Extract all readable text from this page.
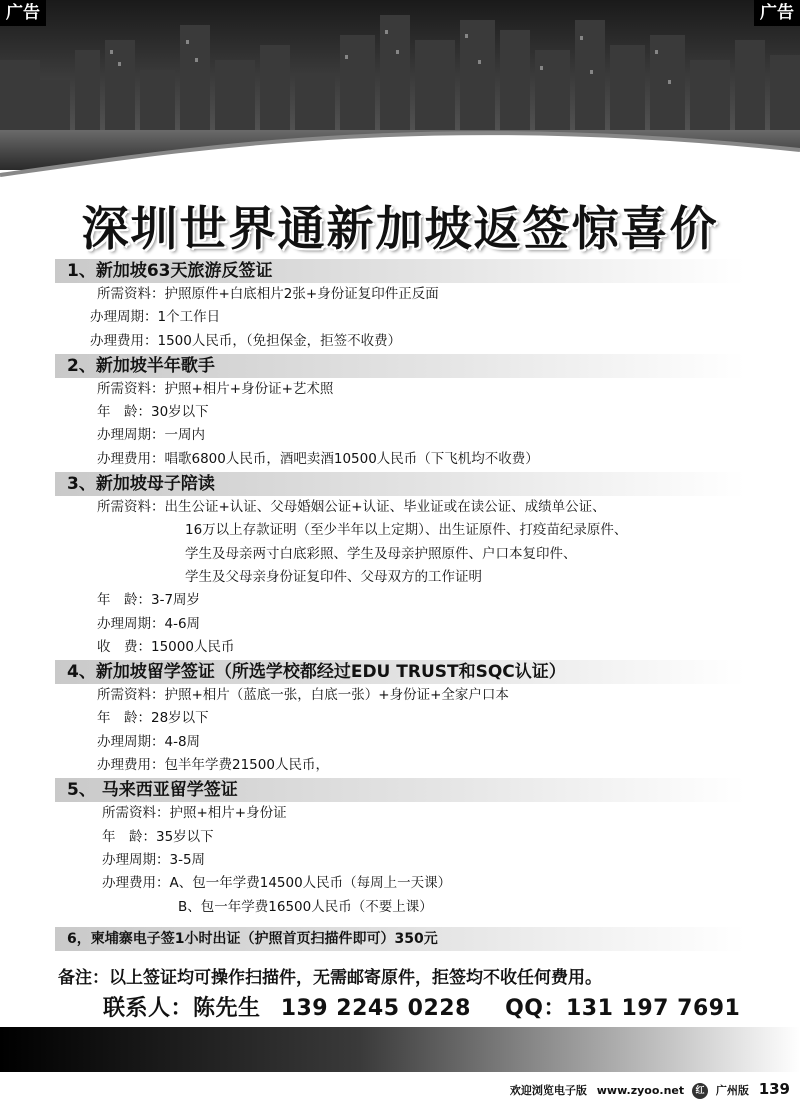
广告	广告
深圳世界通新加坡返签惊喜价
1、新加坡63天旅游反签证
所需资料：护照原件+白底相片2张+身份证复印件正反面
办理周期：1个工作日
办理费用：1500人民币，（免担保金，拒签不收费）
2、新加坡半年歌手
所需资料：护照+相片+身份证+艺术照
年　龄：30岁以下
办理周期：一周内
办理费用：唱歌6800人民币，酒吧卖酒10500人民币（下飞机均不收费）
3、新加坡母子陪读
所需资料：出生公证+认证、父母婚姻公证+认证、毕业证或在读公证、成绩单公证、
16万以上存款证明（至少半年以上定期）、出生证原件、打疫苗纪录原件、
学生及母亲两寸白底彩照、学生及母亲护照原件、户口本复印件、
学生及父母亲身份证复印件、父母双方的工作证明
年　龄：3-7周岁
办理周期：4-6周
收　费：15000人民币
4、新加坡留学签证（所选学校都经过EDU TRUST和SQC认证）
所需资料：护照+相片（蓝底一张，白底一张）+身份证+全家户口本
年　龄：28岁以下
办理周期：4-8周
办理费用：包半年学费21500人民币，
5、 马来西亚留学签证
所需资料：护照+相片+身份证
年　龄：35岁以下
办理周期：3-5周
办理费用：A、包一年学费14500人民币（每周上一天课）
B、包一年学费16500人民币（不要上课）
6，柬埔寨电子签1小时出证（护照首页扫描件即可）350元
备注：以上签证均可操作扫描件，无需邮寄原件，拒签均不收任何费用。
联系人：陈先生 139 2245 0228 QQ：131 197 7691
欢迎浏览电子版 www.zyoo.net 红 广州版 139
